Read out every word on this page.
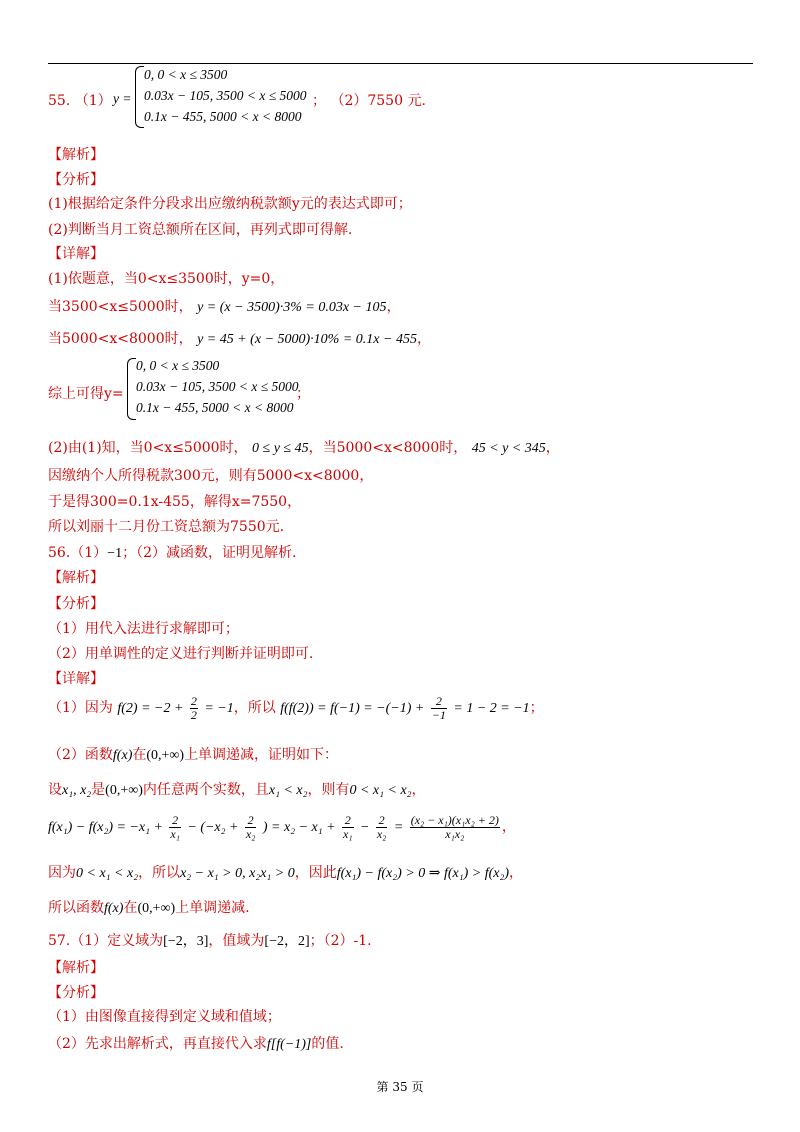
55. （1） y =
0, 0 < x ≤ 3500
0.03x − 105, 3500 < x ≤ 5000
0.1x − 455, 5000 < x < 8000
； （2）7550 元.
【解析】
【分析】
(1)根据给定条件分段求出应缴纳税款额y元的表达式即可；
(2)判断当月工资总额所在区间，再列式即可得解.
【详解】
(1)依题意，当0<x≤3500时，y=0，
当3500<x≤5000时， y = (x − 3500)·3% = 0.03x − 105，
当5000<x<8000时， y = 45 + (x − 5000)·10% = 0.1x − 455，
综上可得y=
0, 0 < x ≤ 3500
0.03x − 105, 3500 < x ≤ 5000
0.1x − 455, 5000 < x < 8000
；
(2)由(1)知，当0<x≤5000时， 0 ≤ y ≤ 45，当5000<x<8000时， 45 < y < 345，
因缴纳个人所得税款300元，则有5000<x<8000，
于是得300=0.1x-455，解得x=7550，
所以刘丽十二月份工资总额为7550元.
56.（1）−1；（2）减函数，证明见解析.
【解析】
【分析】
（1）用代入法进行求解即可；
（2）用单调性的定义进行判断并证明即可.
【详解】
（1）因为 $f(2) = -2 + \frac{2}{2} = -1$，所以 $f(f(2)) = f(-1) = -(-1) + \frac{2}{-1} = 1 - 2 = -1$；
（2）函数f(x)在(0,+∞)上单调递减，证明如下：
设x₁, x₂是(0,+∞)内任意两个实数，且x₁ < x₂，则有0 < x₁ < x₂，
$f(x_1) - f(x_2) = -x_1 + \frac{2}{\text{x₁}} - (-x_2 + \frac{2}{\text{x₂}}$ ) = $x_2 - x_1 + \frac{2}{\text{x₁}} - \frac{2}{\text{x₂}} = \frac{\text{(x₂ − x₁)(x₁x₂ + 2)}}{\text{x₁x₂}}$ ，
因为0 < x₁ < x₂，所以x₂ − x₁ > 0, x₂x₁ > 0，因此f(x₁) − f(x₂) > 0 ⇒ f(x₁) > f(x₂)，
所以函数f(x)在(0,+∞)上单调递减.
57.（1）定义域为[−2，3]，值域为[−2，2]；（2）-1.
【解析】
【分析】
（1）由图像直接得到定义域和值域；
（2）先求出解析式，再直接代入求f[f(−1)]的值.
第 35 页
